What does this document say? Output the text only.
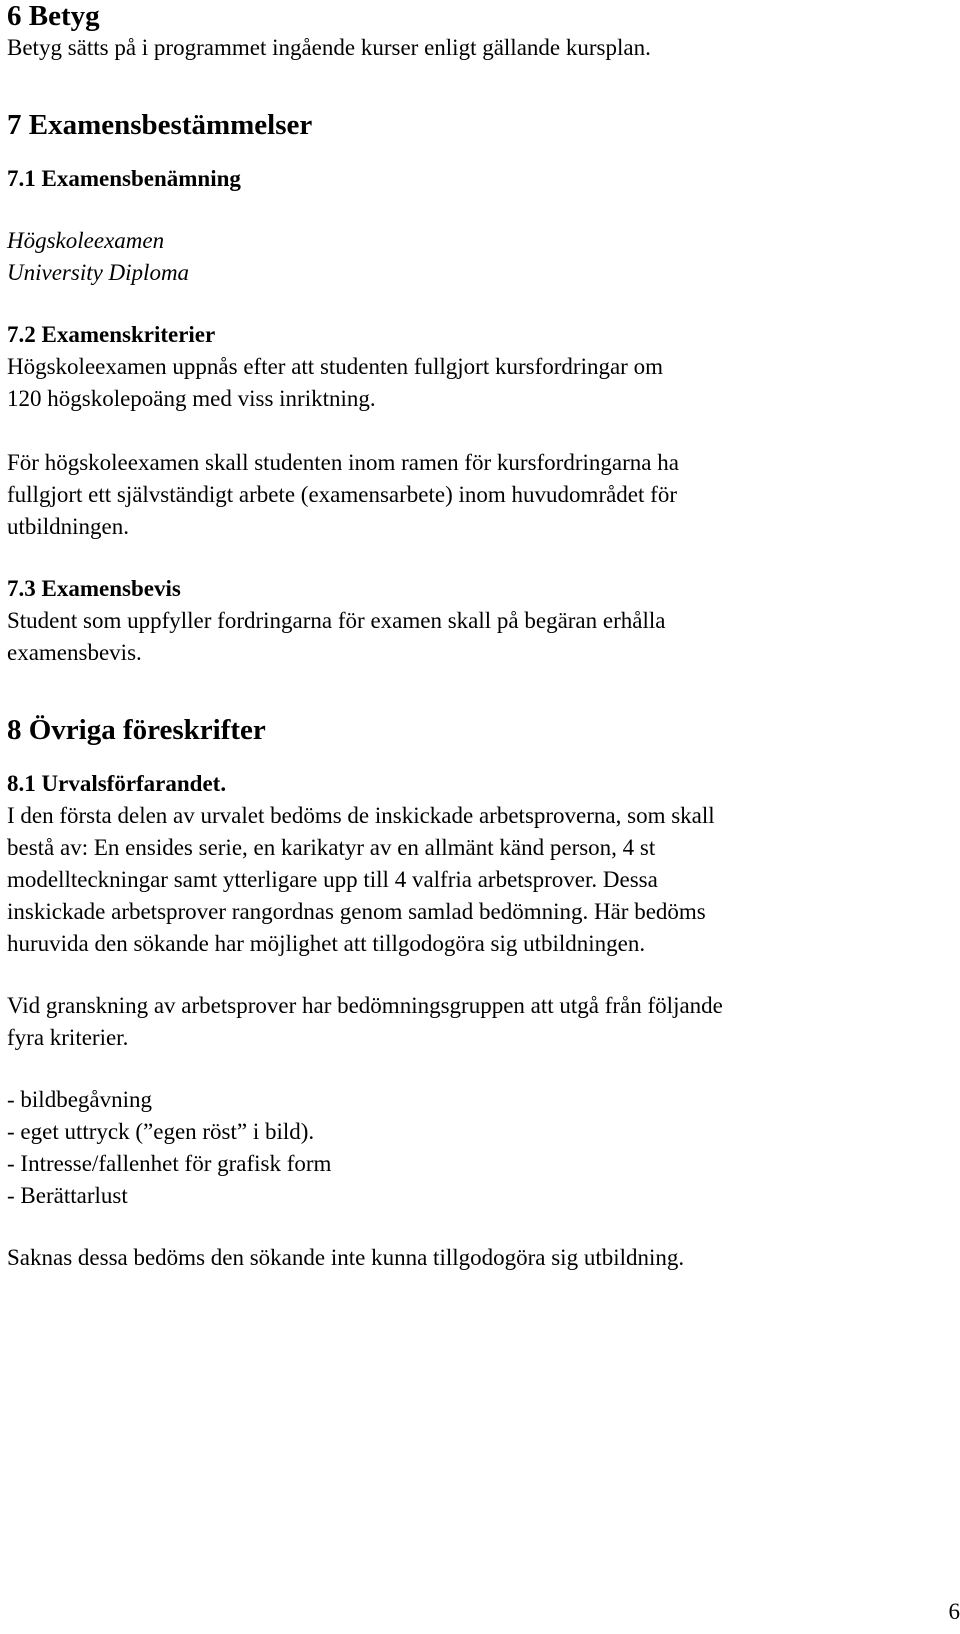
6 Betyg
Betyg sätts på i programmet ingående kurser enligt gällande kursplan.
7 Examensbestämmelser
7.1 Examensbenämning
Högskoleexamen
University Diploma
7.2 Examenskriterier
Högskoleexamen uppnås efter att studenten fullgjort kursfordringar om
120 högskolepoäng med viss inriktning.
För högskoleexamen skall studenten inom ramen för kursfordringarna ha
fullgjort ett självständigt arbete (examensarbete) inom huvudområdet för
utbildningen.
7.3 Examensbevis
Student som uppfyller fordringarna för examen skall på begäran erhålla
examensbevis.
8 Övriga föreskrifter
8.1 Urvalsförfarandet.
I den första delen av urvalet bedöms de inskickade arbetsproverna, som skall
bestå av: En ensides serie, en karikatyr av en allmänt känd person, 4 st
modellteckningar samt ytterligare upp till 4 valfria arbetsprover. Dessa
inskickade arbetsprover rangordnas genom samlad bedömning. Här bedöms
huruvida den sökande har möjlighet att tillgodogöra sig utbildningen.
Vid granskning av arbetsprover har bedömningsgruppen att utgå från följande
fyra kriterier.
- bildbegåvning
- eget uttryck (”egen röst” i bild).
- Intresse/fallenhet för grafisk form
- Berättarlust
Saknas dessa bedöms den sökande inte kunna tillgodogöra sig utbildning.
6
